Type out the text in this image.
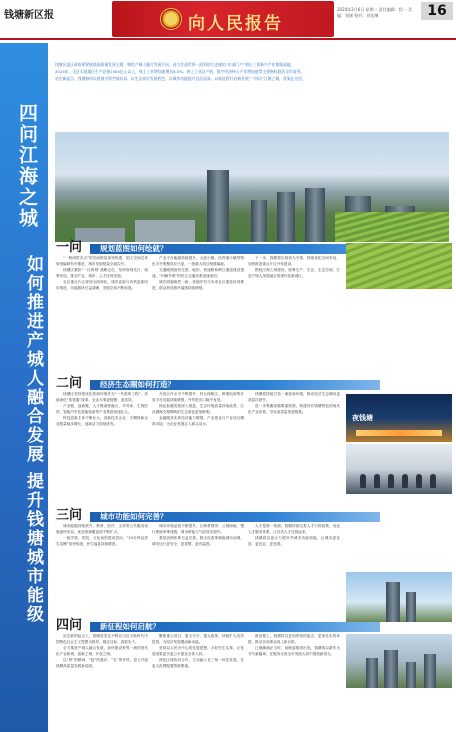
钱塘新区报	向人民报告
2024年2月6日 星期二 责任编辑：程一 美编：刘刚 校对：刘佳琳	16
四问江海之城
如何推进产城人融合发展 提升钱塘城市能级

钱塘区委区政府紧紧围绕高质量发展主题，聚焦产城人融合发展方向，奋力打造世界一流科创大走廊的“东部门户”和长三角新兴产业集聚高地。

2023年，全区实现地区生产总值1500亿元以上，规上工业增加值增长8.5%；规上工业总产值、数字经济核心产业增加值等主要指标稳居全市前列。

站在新起点，钱塘如何以规划引领空间布局、以生态筑牢发展底色、以城市功能提升宜居品质、以新征程开启新发展？“四问”江海之城，答案在这里。

一问 规划蓝图如何绘就？

“一核两带多点”的空间格局加快构建，国土空间总体规划编制有序推进，城市发展框架全面拉开。

钱塘区紧扣“一区两城”战略定位，坚持规划先行、统筹布局，推动产业、城市、人才协同发展。

全区重点片区规划全面深化，城市更新与有机更新同步推进，功能板块日益清晰，发展空间不断拓展。

产业平台能级持续提升，大创小镇、医药港小镇等特色平台集聚效应凸显，一批重大项目相继落地。

交通路网加快完善，地铁、快速路和跨江通道建设提速，“内畅外联”的综合交通体系加速成形。

城乡面貌焕然一新，美丽乡村与未来社区建设协同推进，群众获得感幸福感持续增强。

下一步，钱塘将以规划为引领，持续优化空间布局，加快推进重点片区开发建设。

围绕江海之城建设，统筹生产、生活、生态空间，打造产城人深度融合的现代化新城区。

二问 经济生态圈如何打造？

钱塘区坚持把优化营商环境作为“一号改革工程”，持续深化“放管服”改革，企业办事更便捷、更高效。

产业链、创新链、人才链深度融合，半导体、生物医药、智能汽车及智能装备等产业集群加速壮大。

科技创新主体不断壮大，高新技术企业、专精特新企业数量稳步增长，创新活力持续迸发。

开放合作水平不断提升，综合保税区、跨境电商等开放平台功能持续增强，外贸进出口稳中有进。

绿色低碳发展深入推进，生态环境质量持续改善，江河湖海交相辉映的生态底色更加鲜明。

金融服务实体经济能力增强，产业基金与产业项目精准对接，为企业发展注入源头活水。

钱塘将持续打造一流营商环境，推动经济生态圈向更高层次跃升。

进一步集聚高端要素资源，构建具有钱塘特色的现代化产业体系，夯实高质量发展根基。

夜钱塘
三问 城市功能如何完善？

城市能级持续跃升，教育、医疗、文体等公共服务设施加快布局，优质资源覆盖面不断扩大。

一批学校、医院、文化场馆建成投用，“15分钟品质生活圈”加快构建，民生福祉持续增进。

城市环境品质不断提升，江海景观带、公园绿地、慢行系统串珠成链，城市颜值与气质同步提升。

基层治理体系日益完善，数字化改革赋能城市治理，城市运行更安全、更智慧、更有温度。

人才是第一资源。钱塘持续完善人才引育政策，优化人才服务体系，让各类人才近悦远来。

钱塘将以更大力度补齐城市功能短板，让城市更宜居、更宜业、更宜游。

四问 新征程如何启航？

站在新的起点上，钱塘将坚定不移以习近平新时代中国特色社会主义思想为指导，锚定目标、真抓实干。

全力推进产城人融合发展，加快建设世界一流的现代化产业新城、创新之城、开放之城。

以“拼”的精神、“抢”的意识、“实”的作风，奋力开创钱塘高质量发展新局面。

聚焦重大项目、重大平台、重大改革，持续扩大有效投资，为经济发展增添新动能。

坚持以人民为中心的发展思想，办好民生实事，让发展成果更多更公平惠及全体人民。

深化区域协同合作，主动融入长三角一体化发展，在更大范围配置资源要素。

新征程上，钱塘将以更加昂扬的姿态、更加务实的举措，推动各项事业再上新台阶。

江海潮涌正当时，扬帆起航再出发。钱塘将以新作为书写新篇章，在服务全省全市发展大局中展现新担当。
